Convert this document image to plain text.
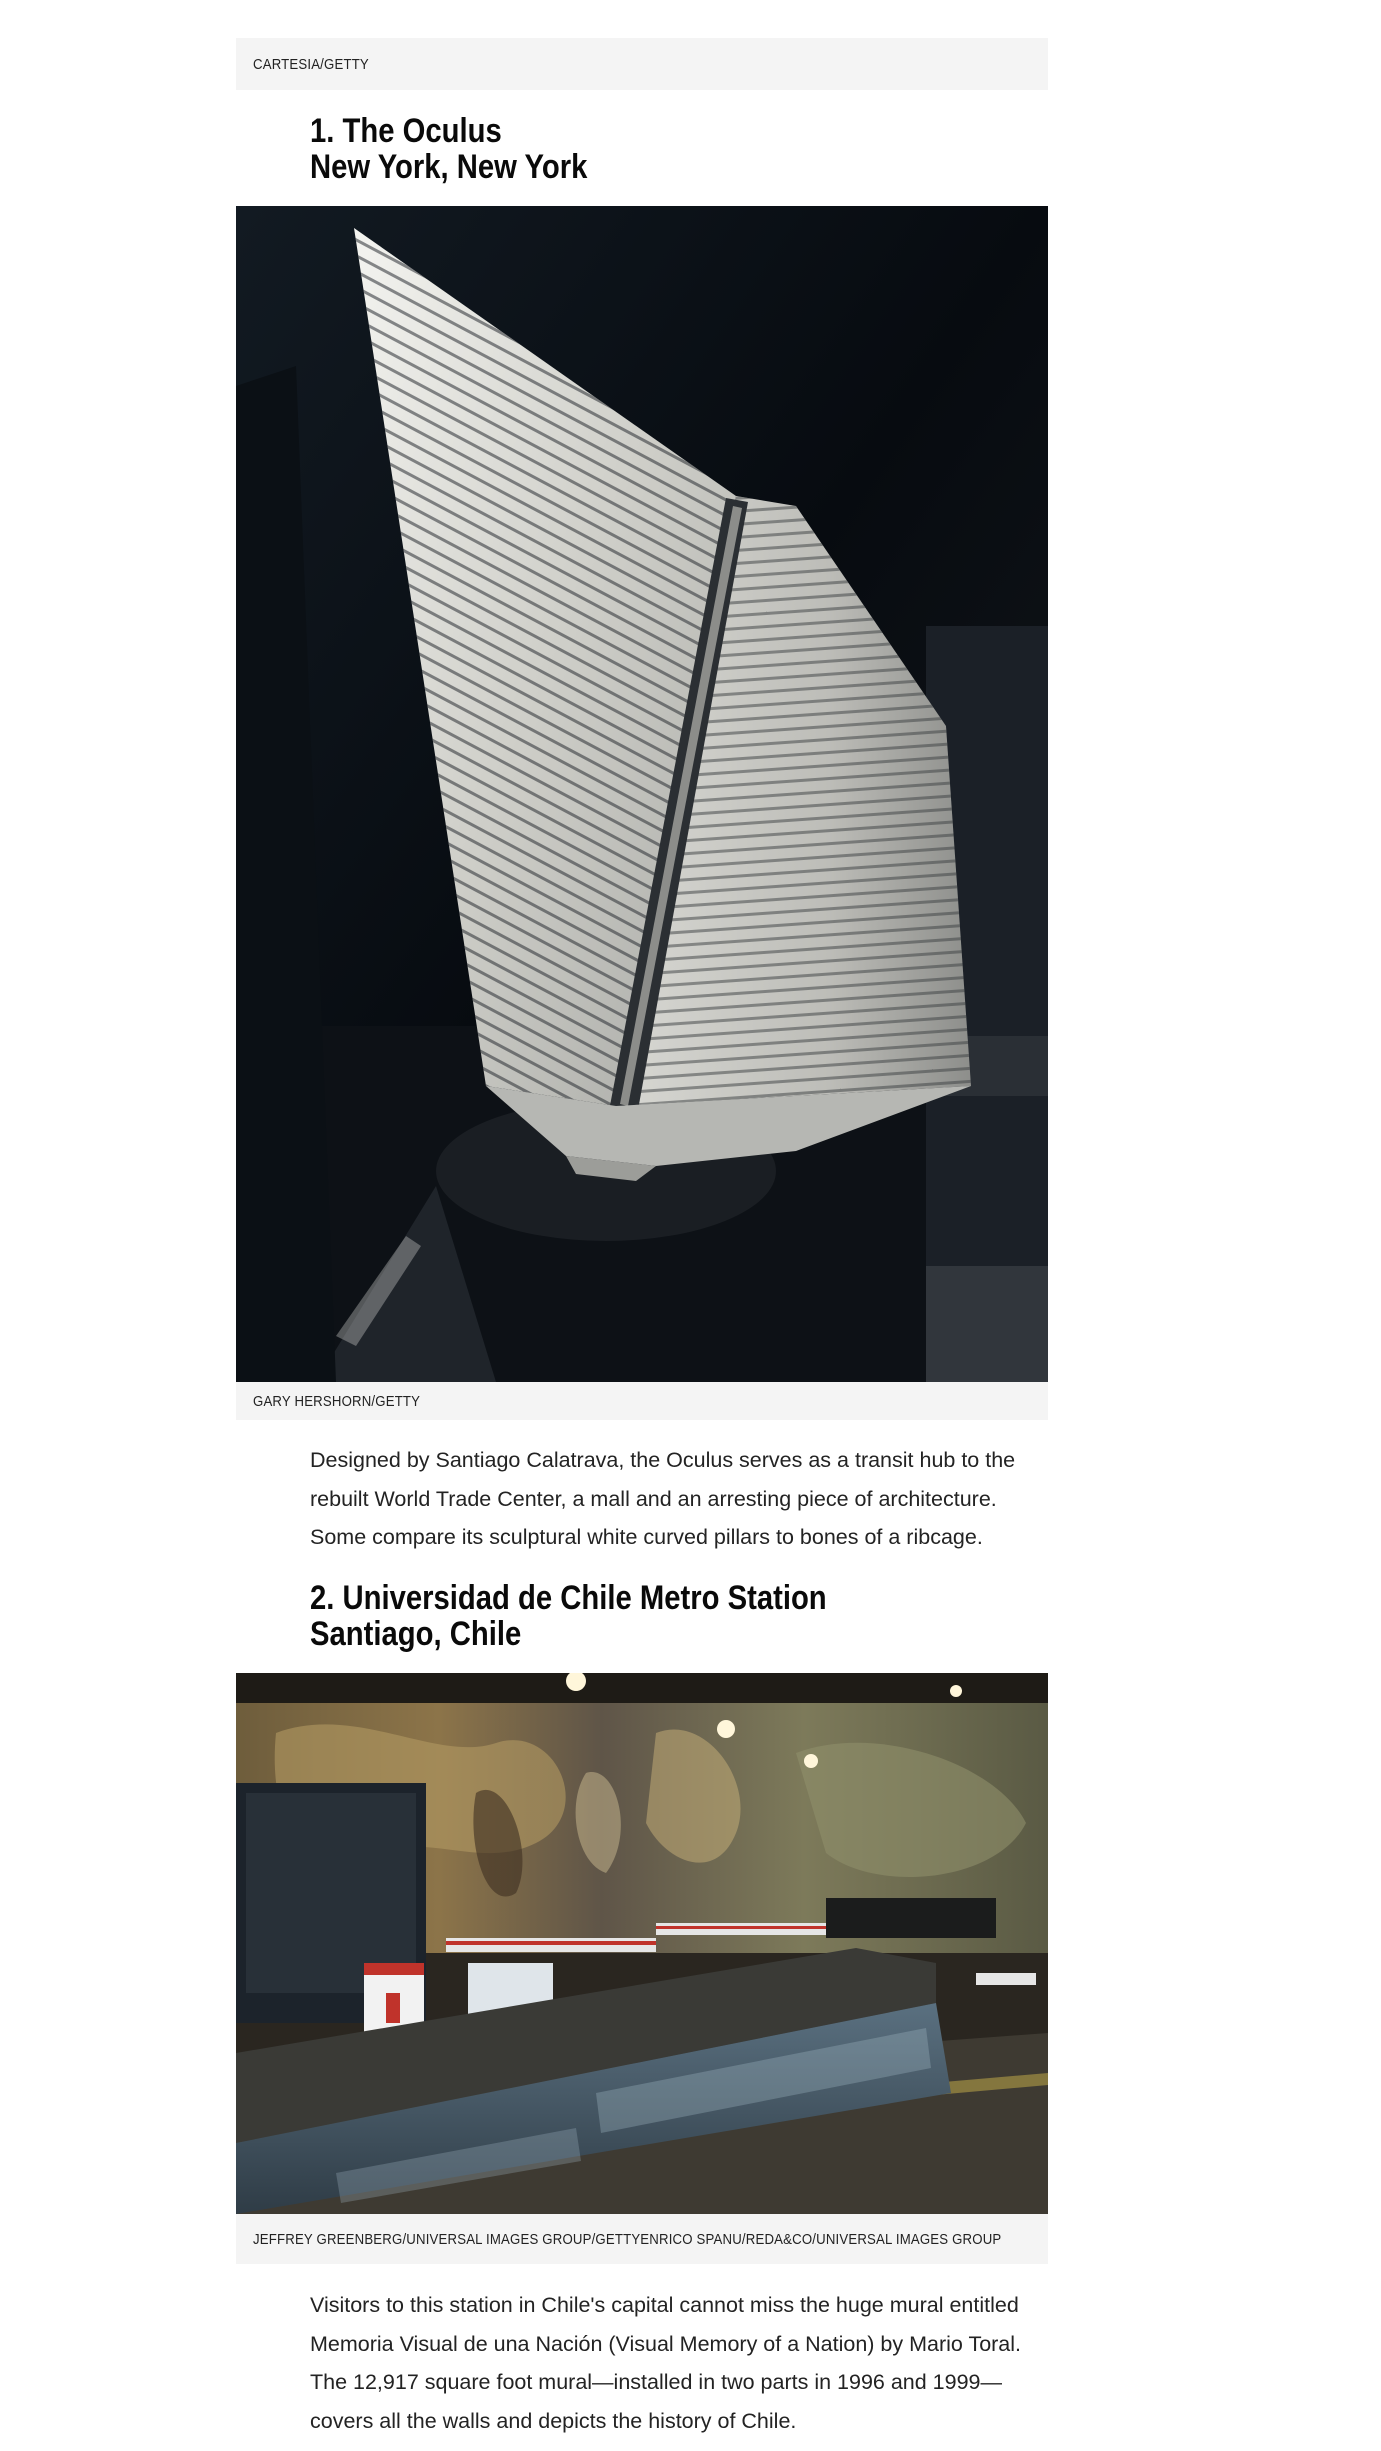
CARTESIA/GETTY
1. The Oculus
New York, New York
GARY HERSHORN/GETTY

Designed by Santiago Calatrava, the Oculus serves as a transit hub to the rebuilt World Trade Center, a mall and an arresting piece of architecture. Some compare its sculptural white curved pillars to bones of a ribcage.

2. Universidad de Chile Metro Station
Santiago, Chile
JEFFREY GREENBERG/UNIVERSAL IMAGES GROUP/GETTYENRICO SPANU/REDA&CO/UNIVERSAL IMAGES GROUP

Visitors to this station in Chile's capital cannot miss the huge mural entitled Memoria Visual de una Nación (Visual Memory of a Nation) by Mario Toral. The 12,917 square foot mural—installed in two parts in 1996 and 1999—covers all the walls and depicts the history of Chile.
